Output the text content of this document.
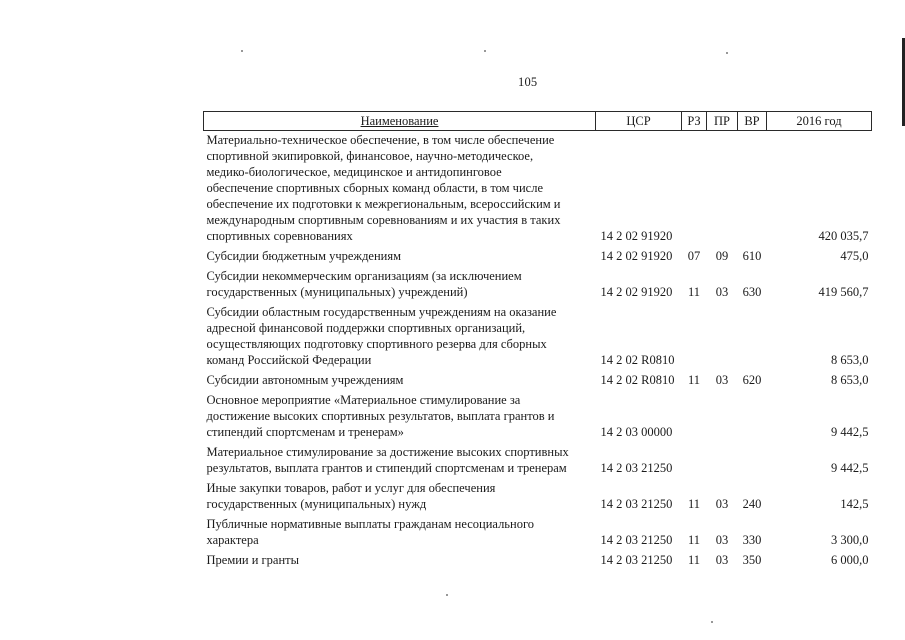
105
Наименование	ЦСР	РЗ	ПР	ВР	2016 год

Материально-техническое обеспечение, в том числе обеспечение спортивной экипировкой, финансовое, научно-методическое, медико-биологическое, медицинское и антидопинговое обеспечение спортивных сборных команд области, в том числе обеспечение их подготовки к межрегиональным, всероссийским и международным спортивным соревнованиям и их участия в таких спортивных соревнованиях	14 2 02 91920				420 035,7

Субсидии бюджетным учреждениям	14 2 02 91920	07	09	610	475,0

Субсидии некоммерческим организациям (за исключением государственных (муниципальных) учреждений)	14 2 02 91920	11	03	630	419 560,7

Субсидии областным государственным учреждениям на оказание адресной финансовой поддержки спортивных организаций, осуществляющих подготовку спортивного резерва для сборных команд Российской Федерации	14 2 02 R0810				8 653,0

Субсидии автономным учреждениям	14 2 02 R0810	11	03	620	8 653,0

Основное мероприятие «Материальное стимулирование за достижение высоких спортивных результатов, выплата грантов и стипендий спортсменам и тренерам»	14 2 03 00000				9 442,5

Материальное стимулирование за достижение высоких спортивных результатов, выплата грантов и стипендий спортсменам и тренерам	14 2 03 21250				9 442,5

Иные закупки товаров, работ и услуг для обеспечения государственных (муниципальных) нужд	14 2 03 21250	11	03	240	142,5

Публичные нормативные выплаты гражданам несоциального характера	14 2 03 21250	11	03	330	3 300,0

Премии и гранты	14 2 03 21250	11	03	350	6 000,0
